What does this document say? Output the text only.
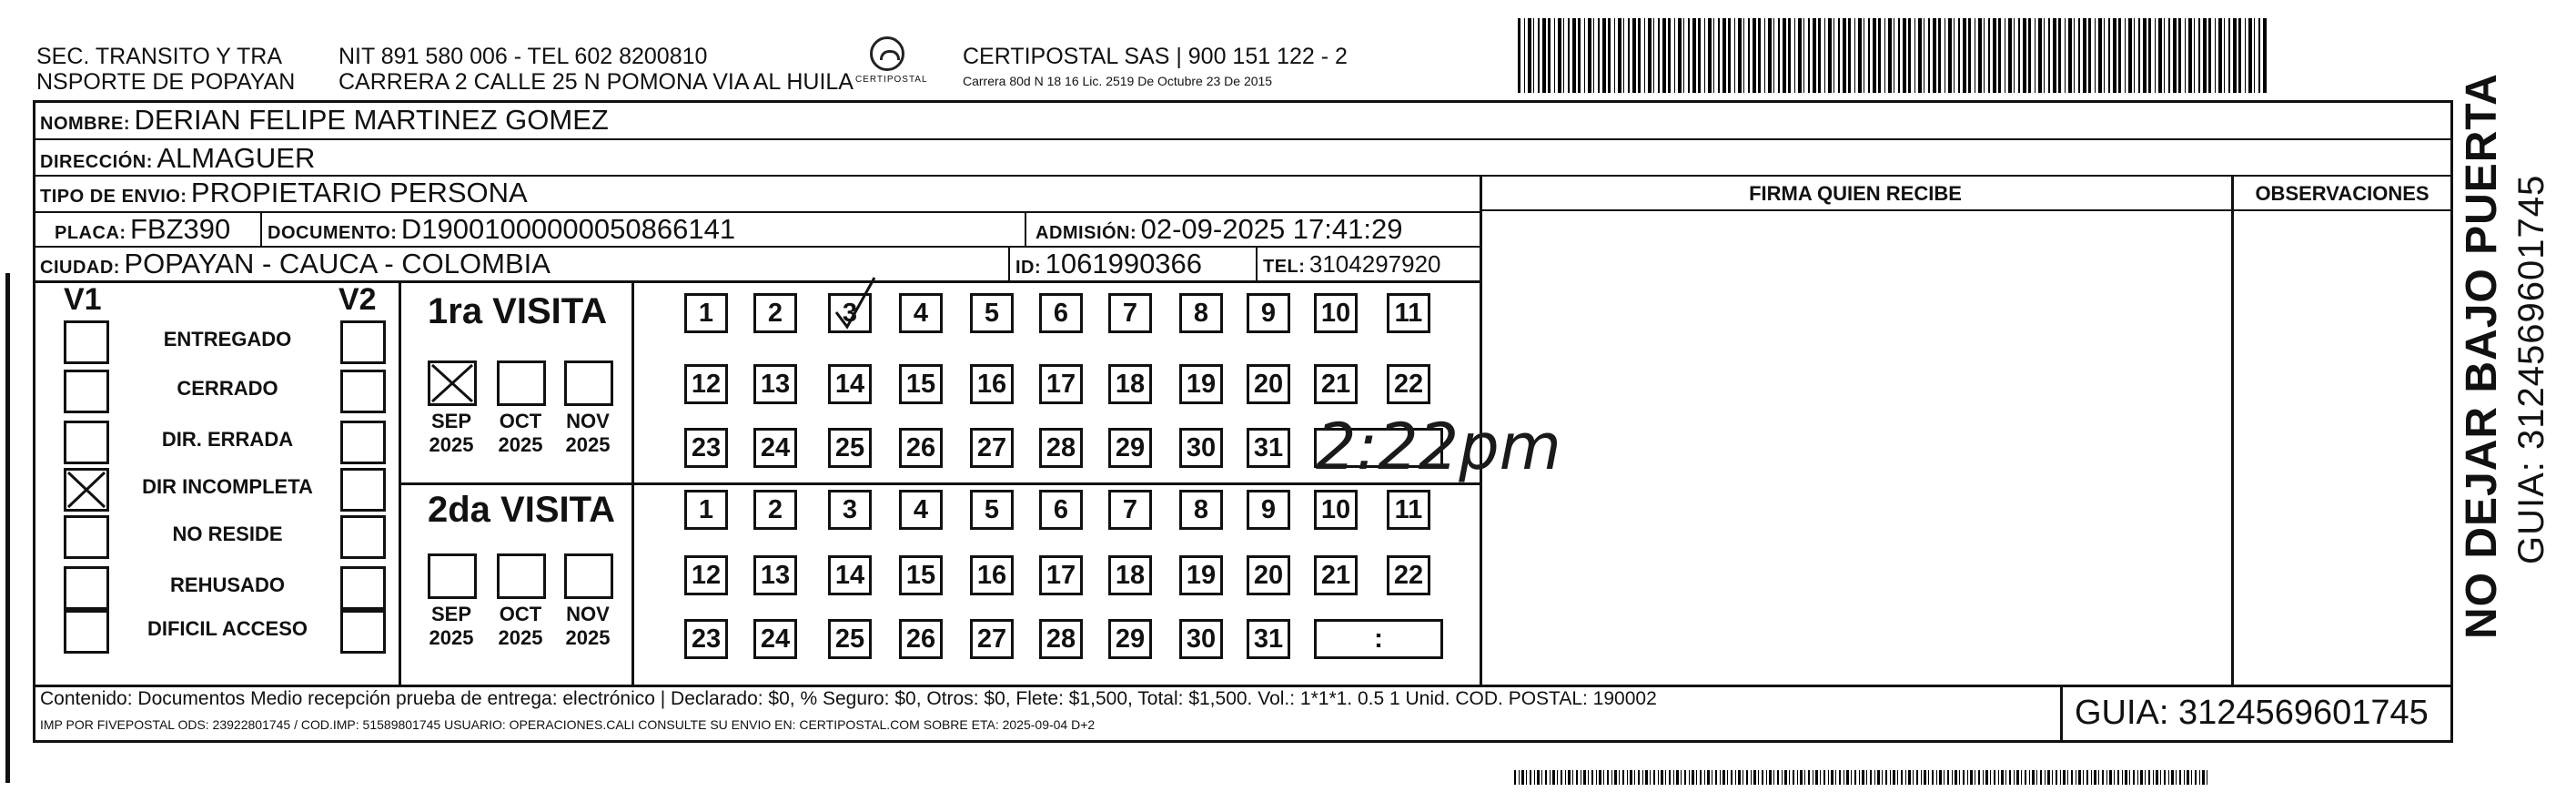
SEC. TRANSITO Y TRA
NSPORTE DE POPAYAN
NIT 891 580 006 - TEL 602 8200810
CARRERA 2 CALLE 25 N POMONA VIA AL HUILA CERTIPOSTAL
CERTIPOSTAL SAS | 900 151 122 - 2
Carrera 80d N 18 16 Lic. 2519 De Octubre 23 De 2015
NOMBRE: DERIAN FELIPE MARTINEZ GOMEZ
DIRECCIÓN: ALMAGUER
FIRMA QUIEN RECIBE	OBSERVACIONES
TIPO DE ENVIO: PROPIETARIO PERSONA
PLACA: FBZ390 DOCUMENTO: D19001000000050866141	ADMISIÓN: 02-09-2025 17:41:29
CIUDAD: POPAYAN - CAUCA - COLOMBIA	ID: 1061990366	TEL: 3104297920
V1	V2
ENTREGADO
CERRADO
DIR. ERRADA
DIR INCOMPLETA
NO RESIDE
REHUSADO
DIFICIL ACCESO
1ra VISITA
2da VISITA
SEP
2025
OCT
2025
NOV
2025
SEP
2025
OCT
2025
NOV
2025
1	2	3	4	5	6	7	8	9	10 11
12 13 14 15 16 17 18 19 20 21 22
23 24 25 26 27 28 29 30 31
1	2	3	4	5	6	7	8	9	10 11
12 13 14 15 16 17 18 19 20 21 22
23 24 25 26 27 28 29 30 31
2:22pm
:
Contenido: Documentos Medio recepción prueba de entrega: electrónico | Declarado: $0, % Seguro: $0, Otros: $0, Flete: $1,500, Total: $1,500. Vol.: 1*1*1. 0.5 1 Unid. COD. POSTAL: 190002
IMP POR FIVEPOSTAL ODS: 23922801745 / COD.IMP: 51589801745 USUARIO: OPERACIONES.CALI CONSULTE SU ENVIO EN: CERTIPOSTAL.COM SOBRE ETA: 2025-09-04 D+2	GUIA: 3124569601745
NO DEJAR BAJO PUERTA GUIA: 3124569601745
